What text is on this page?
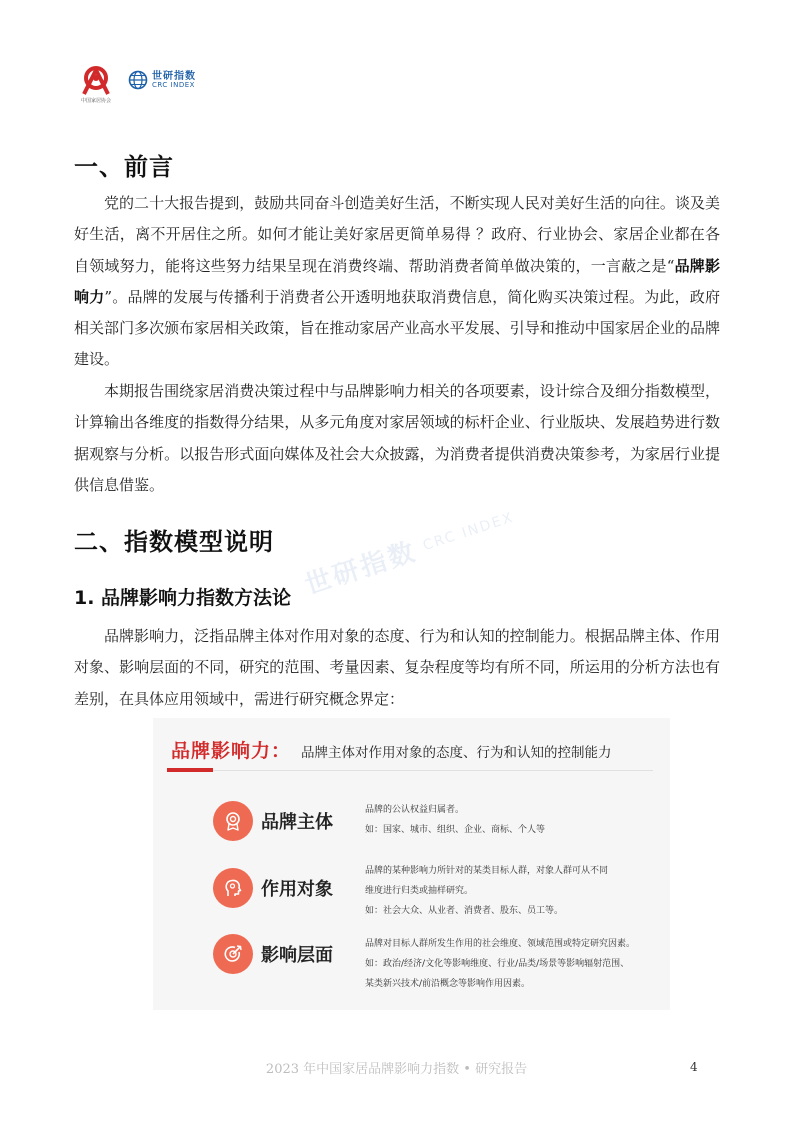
中国家居协会
世研指数
CRC INDEX
一、前言

党的二十大报告提到，鼓励共同奋斗创造美好生活，不断实现人民对美好生活的向往。谈及美好生活，离不开居住之所。如何才能让美好家居更简单易得 ？政府、行业协会、家居企业都在各自领域努力，能将这些努力结果呈现在消费终端、帮助消费者简单做决策的，一言蔽之是“品牌影响力”。品牌的发展与传播利于消费者公开透明地获取消费信息，简化购买决策过程。为此，政府相关部门多次颁布家居相关政策，旨在推动家居产业高水平发展、引导和推动中国家居企业的品牌建设。

本期报告围绕家居消费决策过程中与品牌影响力相关的各项要素，设计综合及细分指数模型，计算输出各维度的指数得分结果，从多元角度对家居领域的标杆企业、行业版块、发展趋势进行数据观察与分析。以报告形式面向媒体及社会大众披露，为消费者提供消费决策参考，为家居行业提供信息借鉴。

二、指数模型说明 世研指数
CRC INDEX
1. 品牌影响力指数方法论

品牌影响力，泛指品牌主体对作用对象的态度、行为和认知的控制能力。根据品牌主体、作用对象、影响层面的不同，研究的范围、考量因素、复杂程度等均有所不同，所运用的分析方法也有差别，在具体应用领域中，需进行研究概念界定：

品牌影响力： 品牌主体对作用对象的态度、行为和认知的控制能力
品牌主体
品牌的公认权益归属者。
如：国家、城市、组织、企业、商标、个人等
作用对象
品牌的某种影响力所针对的某类目标人群，对象人群可从不同
维度进行归类或抽样研究。
如：社会大众、从业者、消费者、股东、员工等。
影响层面
品牌对目标人群所发生作用的社会维度、领域范围或特定研究因素。
如：政治/经济/文化等影响维度、行业/品类/场景等影响辐射范围、
某类新兴技术/前沿概念等影响作用因素。
2023 年中国家居品牌影响力指数 • 研究报告	4
